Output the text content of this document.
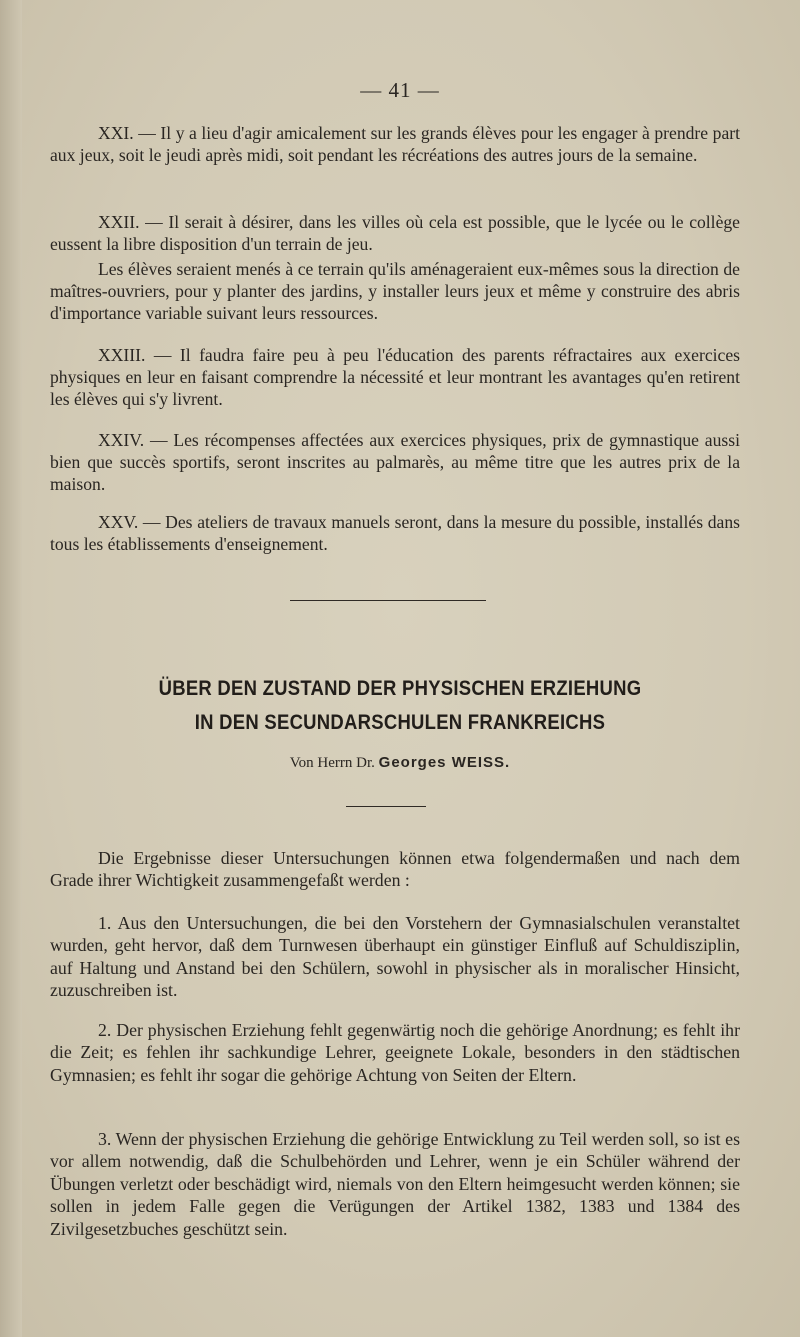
— 41 —

XXI. — Il y a lieu d'agir amicalement sur les grands élèves pour les engager à prendre part aux jeux, soit le jeudi après midi, soit pendant les récréations des autres jours de la semaine.

XXII. — Il serait à désirer, dans les villes où cela est possible, que le lycée ou le collège eussent la libre disposition d'un terrain de jeu.

Les élèves seraient menés à ce terrain qu'ils aménageraient eux-mêmes sous la direction de maîtres-ouvriers, pour y planter des jardins, y installer leurs jeux et même y construire des abris d'importance variable suivant leurs ressources.

XXIII. — Il faudra faire peu à peu l'éducation des parents réfractaires aux exercices physiques en leur en faisant comprendre la nécessité et leur montrant les avantages qu'en retirent les élèves qui s'y livrent.

XXIV. — Les récompenses affectées aux exercices physiques, prix de gymnastique aussi bien que succès sportifs, seront inscrites au palmarès, au même titre que les autres prix de la maison.

XXV. — Des ateliers de travaux manuels seront, dans la mesure du possible, installés dans tous les établissements d'enseignement.

ÜBER DEN ZUSTAND DER PHYSISCHEN ERZIEHUNG
IN DEN SECUNDARSCHULEN FRANKREICHS
Von Herrn Dr. Georges WEISS.

Die Ergebnisse dieser Untersuchungen können etwa folgendermaßen und nach dem Grade ihrer Wichtigkeit zusammengefaßt werden :

1. Aus den Untersuchungen, die bei den Vorstehern der Gymnasialschulen veranstaltet wurden, geht hervor, daß dem Turnwesen überhaupt ein günstiger Einfluß auf Schuldisziplin, auf Haltung und Anstand bei den Schülern, sowohl in physischer als in moralischer Hinsicht, zuzuschreiben ist.

2. Der physischen Erziehung fehlt gegenwärtig noch die gehörige Anordnung; es fehlt ihr die Zeit; es fehlen ihr sachkundige Lehrer, geeignete Lokale, besonders in den städtischen Gymnasien; es fehlt ihr sogar die gehörige Achtung von Seiten der Eltern.

3. Wenn der physischen Erziehung die gehörige Entwicklung zu Teil werden soll, so ist es vor allem notwendig, daß die Schulbehörden und Lehrer, wenn je ein Schüler während der Übungen verletzt oder beschädigt wird, niemals von den Eltern heimgesucht werden können; sie sollen in jedem Falle gegen die Verügungen der Artikel 1382, 1383 und 1384 des Zivilgesetzbuches geschützt sein.
